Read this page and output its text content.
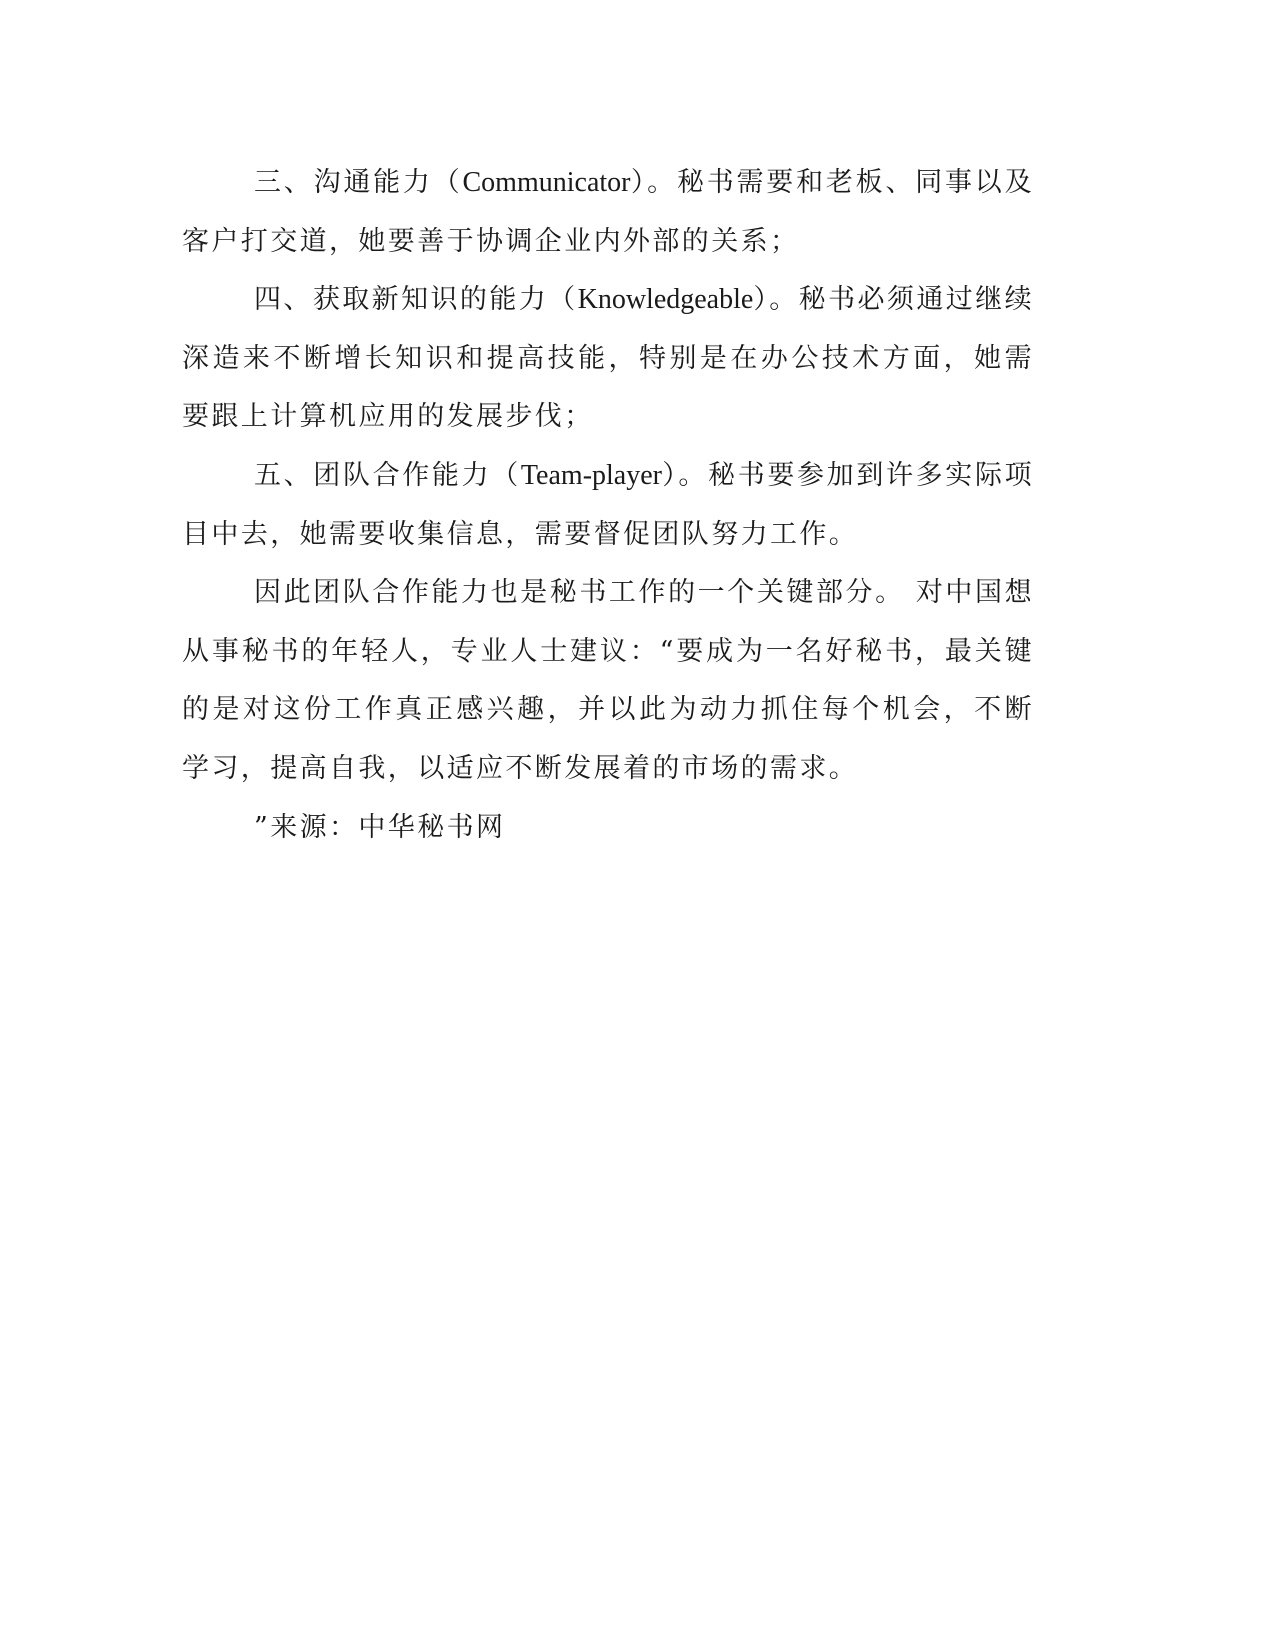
三、沟通能力（Communicator）。秘书需要和老板、同事以及客户打交道，她要善于协调企业内外部的关系；

四、获取新知识的能力（Knowledgeable）。秘书必须通过继续深造来不断增长知识和提高技能，特别是在办公技术方面，她需要跟上计算机应用的发展步伐；

五、团队合作能力（Team-player）。秘书要参加到许多实际项目中去，她需要收集信息，需要督促团队努力工作。

因此团队合作能力也是秘书工作的一个关键部分。 对中国想从事秘书的年轻人，专业人士建议：“要成为一名好秘书，最关键的是对这份工作真正感兴趣，并以此为动力抓住每个机会，不断学习，提高自我，以适应不断发展着的市场的需求。

”来源：中华秘书网
